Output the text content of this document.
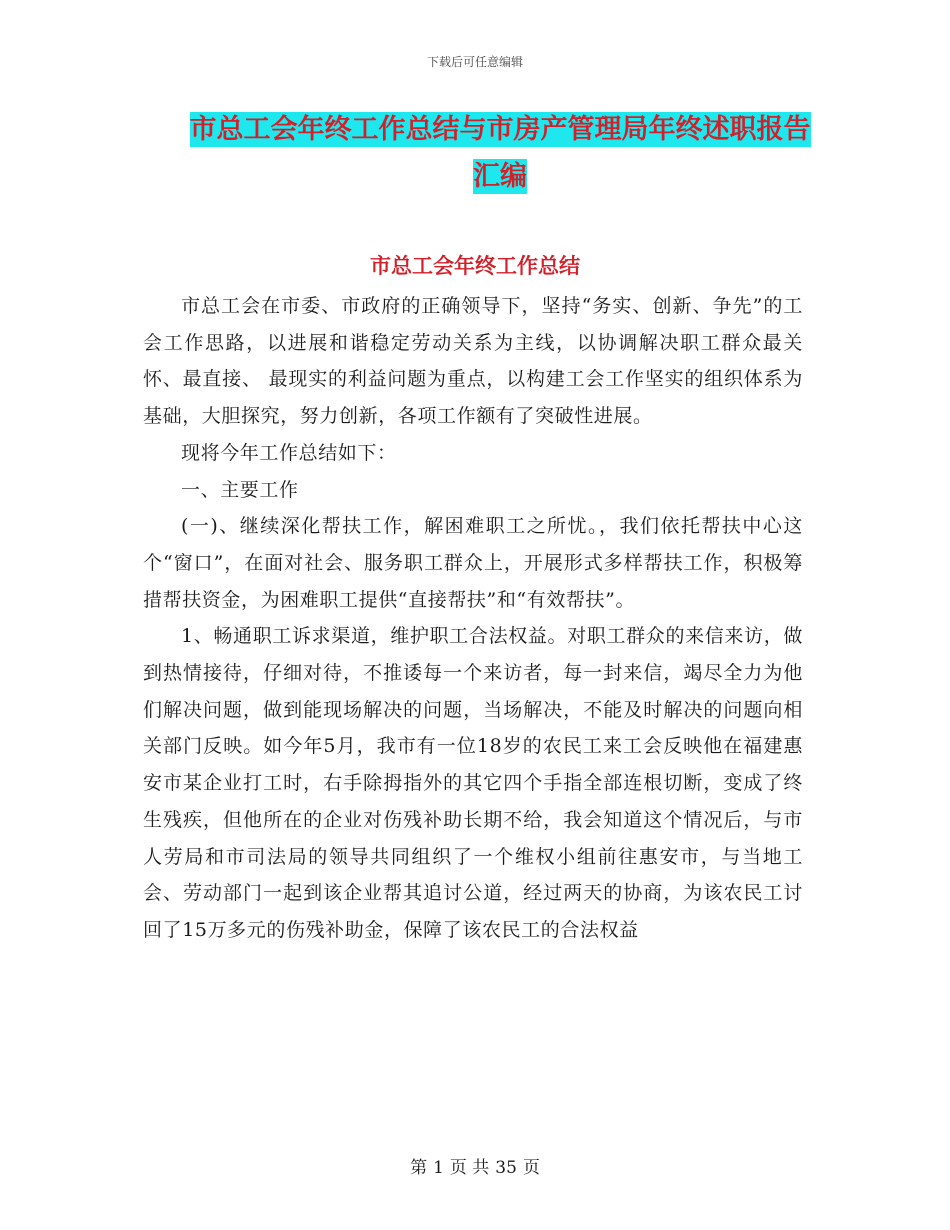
下载后可任意编辑
市总工会年终工作总结与市房产管理局年终述职报告汇编
市总工会年终工作总结

市总工会在市委、市政府的正确领导下，坚持“务实、创新、争先”的工会工作思路，以进展和谐稳定劳动关系为主线，以协调解决职工群众最关怀、最直接、 最现实的利益问题为重点，以构建工会工作坚实的组织体系为基础，大胆探究，努力创新，各项工作额有了突破性进展。

现将今年工作总结如下：

一、主要工作

(一)、继续深化帮扶工作，解困难职工之所忧。，我们依托帮扶中心这个“窗口”，在面对社会、服务职工群众上，开展形式多样帮扶工作，积极筹措帮扶资金，为困难职工提供“直接帮扶”和“有效帮扶”。

1、畅通职工诉求渠道，维护职工合法权益。对职工群众的来信来访，做到热情接待，仔细对待，不推诿每一个来访者，每一封来信，竭尽全力为他们解决问题，做到能现场解决的问题，当场解决，不能及时解决的问题向相关部门反映。如今年5月，我市有一位18岁的农民工来工会反映他在福建惠安市某企业打工时，右手除拇指外的其它四个手指全部连根切断，变成了终生残疾，但他所在的企业对伤残补助长期不给，我会知道这个情况后，与市人劳局和市司法局的领导共同组织了一个维权小组前往惠安市，与当地工会、劳动部门一起到该企业帮其追讨公道，经过两天的协商，为该农民工讨回了15万多元的伤残补助金，保障了该农民工的合法权益

第 1 页 共 35 页
